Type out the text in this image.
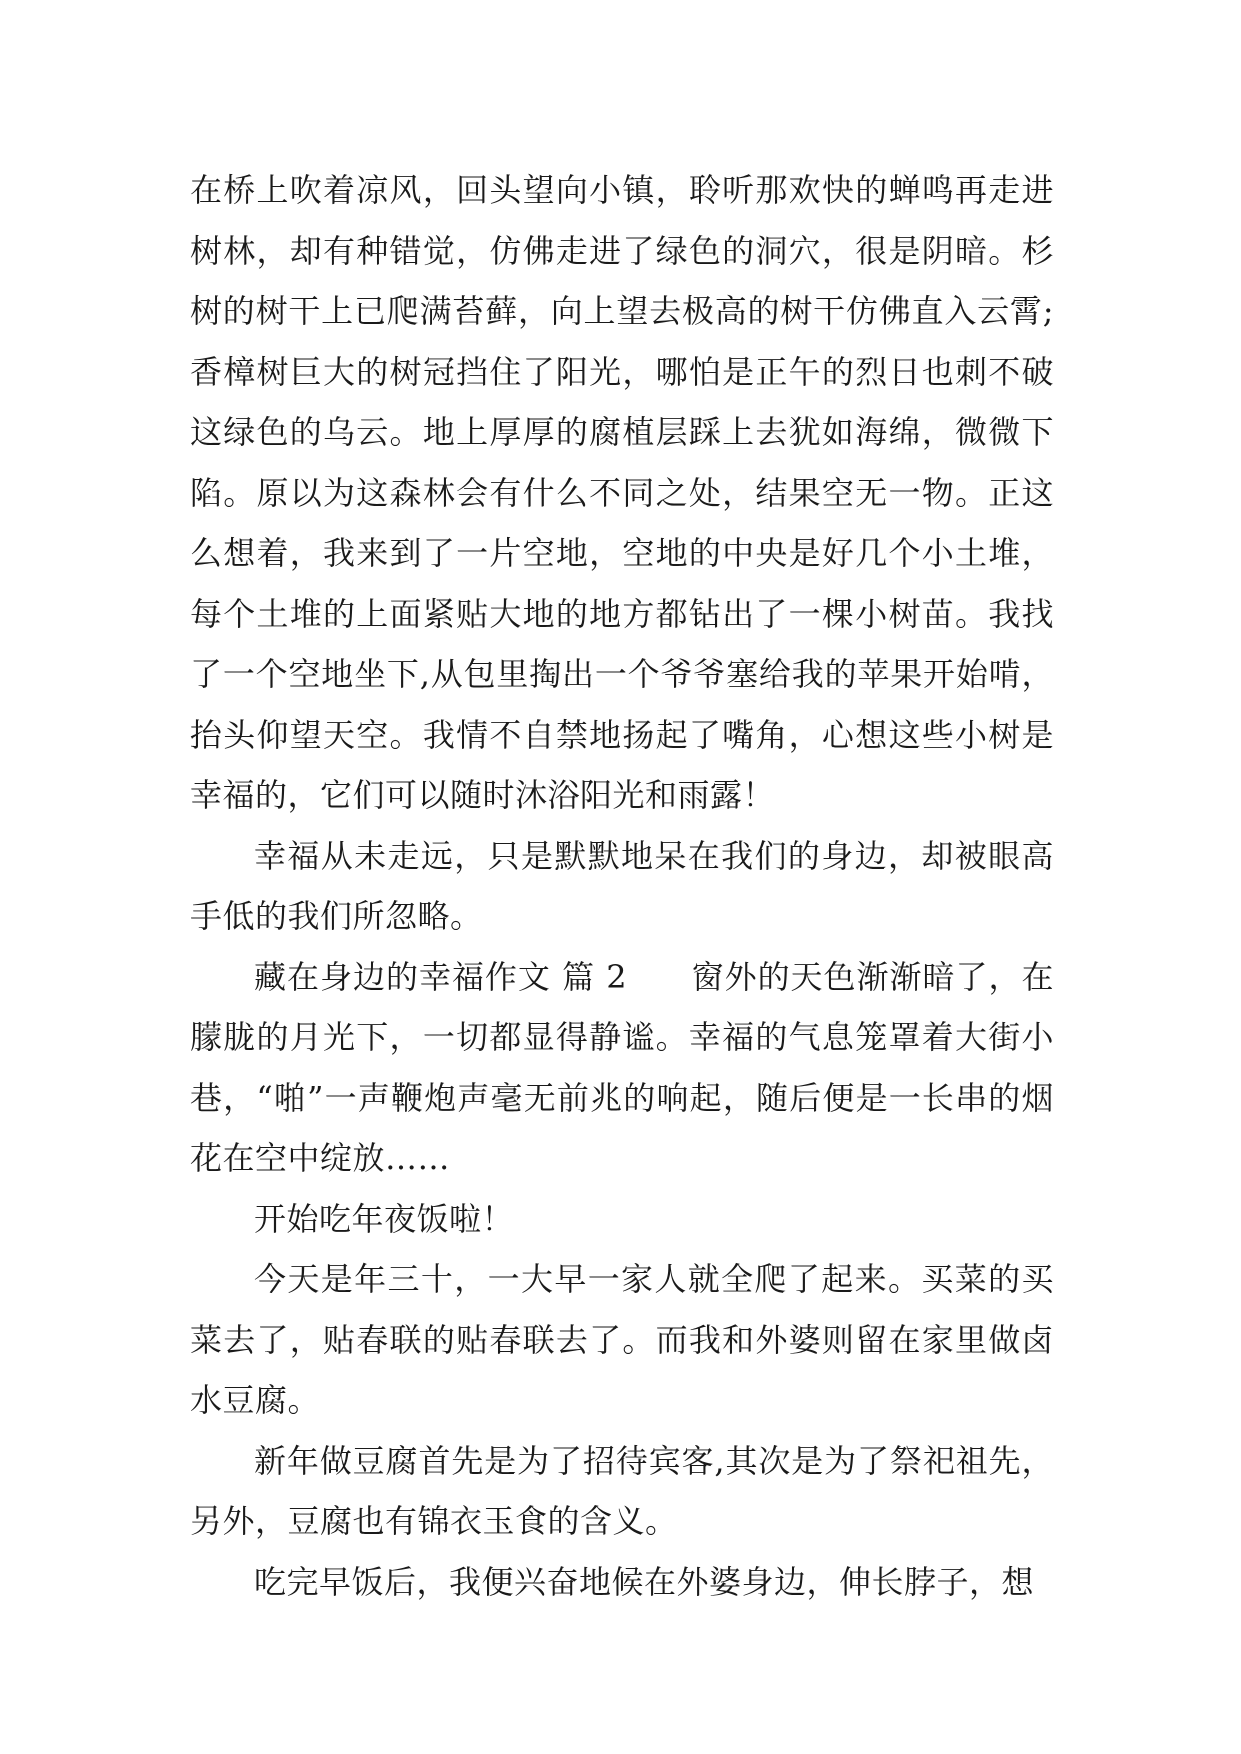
在桥上吹着凉风，回头望向小镇，聆听那欢快的蝉鸣再走进树林，却有种错觉，仿佛走进了绿色的洞穴，很是阴暗。杉树的树干上已爬满苔藓，向上望去极高的树干仿佛直入云霄;香樟树巨大的树冠挡住了阳光，哪怕是正午的烈日也刺不破这绿色的乌云。地上厚厚的腐植层踩上去犹如海绵，微微下陷。原以为这森林会有什么不同之处，结果空无一物。正这么想着，我来到了一片空地，空地的中央是好几个小土堆，每个土堆的上面紧贴大地的地方都钻出了一棵小树苗。我找了一个空地坐下,从包里掏出一个爷爷塞给我的苹果开始啃，抬头仰望天空。我情不自禁地扬起了嘴角，心想这些小树是幸福的，它们可以随时沐浴阳光和雨露！

幸福从未走远，只是默默地呆在我们的身边，却被眼高手低的我们所忽略。

藏在身边的幸福作文 篇 2 窗外的天色渐渐暗了，在朦胧的月光下，一切都显得静谧。幸福的气息笼罩着大街小巷，“啪”一声鞭炮声毫无前兆的响起，随后便是一长串的烟花在空中绽放……

开始吃年夜饭啦！

今天是年三十，一大早一家人就全爬了起来。买菜的买菜去了，贴春联的贴春联去了。而我和外婆则留在家里做卤水豆腐。

新年做豆腐首先是为了招待宾客,其次是为了祭祀祖先，另外，豆腐也有锦衣玉食的含义。

吃完早饭后，我便兴奋地候在外婆身边，伸长脖子，想
